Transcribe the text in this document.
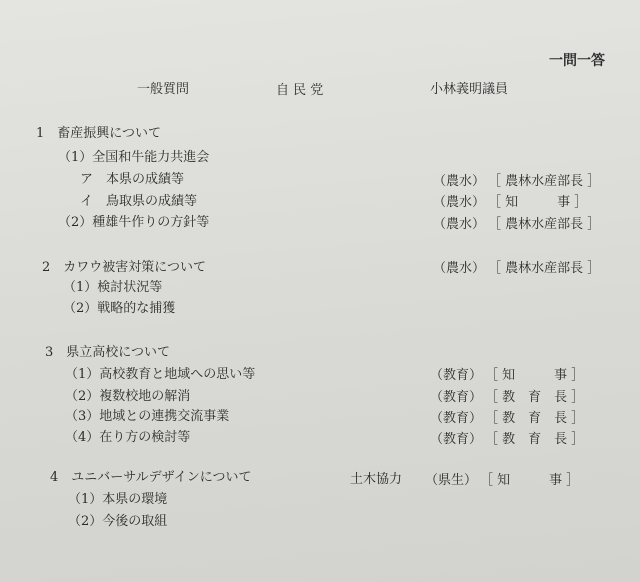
一問一答
一般質問	自 民 党	小林義明議員
1　畜産振興について
（1）全国和牛能力共進会
ア　本県の成績等	（農水） ［ 農林水産部長 ］
イ　鳥取県の成績等	（農水） ［ 知　　　事 ］
（2）種雄牛作りの方針等	（農水） ［ 農林水産部長 ］
2　カワウ被害対策について	（農水） ［ 農林水産部長 ］
（1）検討状況等
（2）戦略的な捕獲
3　県立高校について
（1）高校教育と地域への思い等	（教育） ［ 知　　　事 ］
（2）複数校地の解消	（教育） ［ 教　育　長 ］
（3）地域との連携交流事業	（教育） ［ 教　育　長 ］
（4）在り方の検討等	（教育） ［ 教　育　長 ］
4　ユニバーサルデザインについて	土木協力 （県生） ［ 知　　　事 ］
（1）本県の環境
（2）今後の取組
